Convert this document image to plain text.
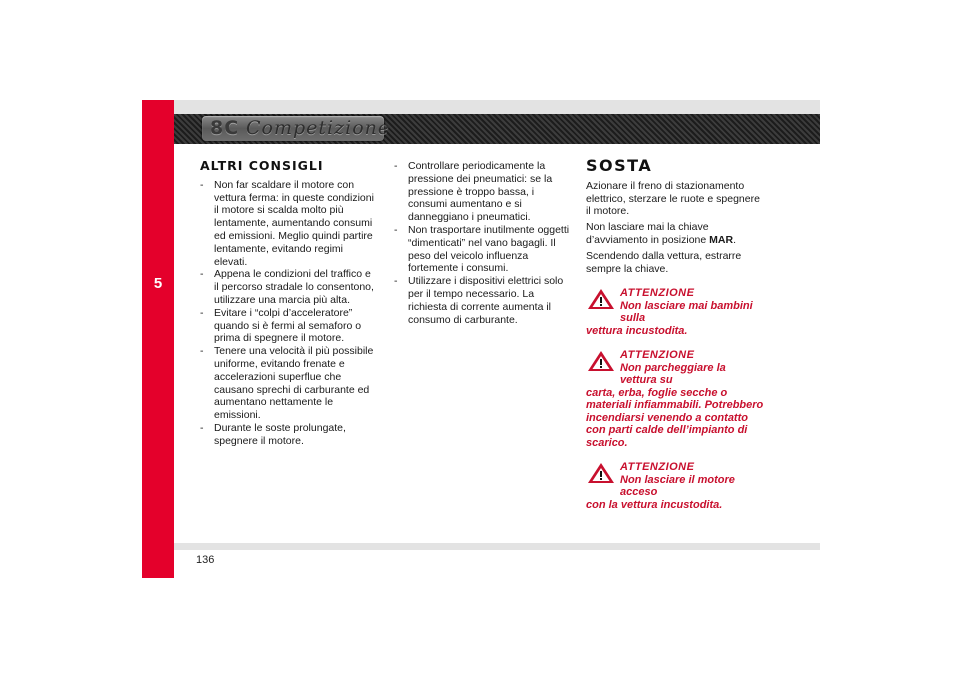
5
8C Competizione
ALTRI CONSIGLI
- Non far scaldare il motore con vettura ferma: in queste condizioni il motore si scalda molto più lentamente, aumentando consumi ed emissioni. Meglio quindi partire lentamente, evitando regimi elevati.
- Appena le condizioni del traffico e il percorso stradale lo consentono, utilizzare una marcia più alta.
- Evitare i “colpi d’acceleratore” quando si è fermi al semaforo o prima di spegnere il motore.
- Tenere una velocità il più possibile uniforme, evitando frenate e accelerazioni superflue che causano sprechi di carburante ed aumentano nettamente le emissioni.
- Durante le soste prolungate, spegnere il motore.
- Controllare periodicamente la pressione dei pneumatici: se la pressione è troppo bassa, i consumi aumentano e si danneggiano i pneumatici.
- Non trasportare inutilmente oggetti “dimenticati” nel vano bagagli. Il peso del veicolo influenza fortemente i consumi.
- Utilizzare i dispositivi elettrici solo per il tempo necessario. La richiesta di corrente aumenta il consumo di carburante.
SOSTA

Azionare il freno di stazionamento elettrico, sterzare le ruote e spegnere il motore.

Non lasciare mai la chiave d’avviamento in posizione MAR.

Scendendo dalla vettura, estrarre sempre la chiave.

ATTENZIONE
Non lasciare mai bambini sulla
vettura incustodita.
ATTENZIONE
Non parcheggiare la vettura su
carta, erba, foglie secche o materiali infiammabili. Potrebbero incendiarsi venendo a contatto con parti calde dell’impianto di scarico.
ATTENZIONE
Non lasciare il motore acceso
con la vettura incustodita.
136
